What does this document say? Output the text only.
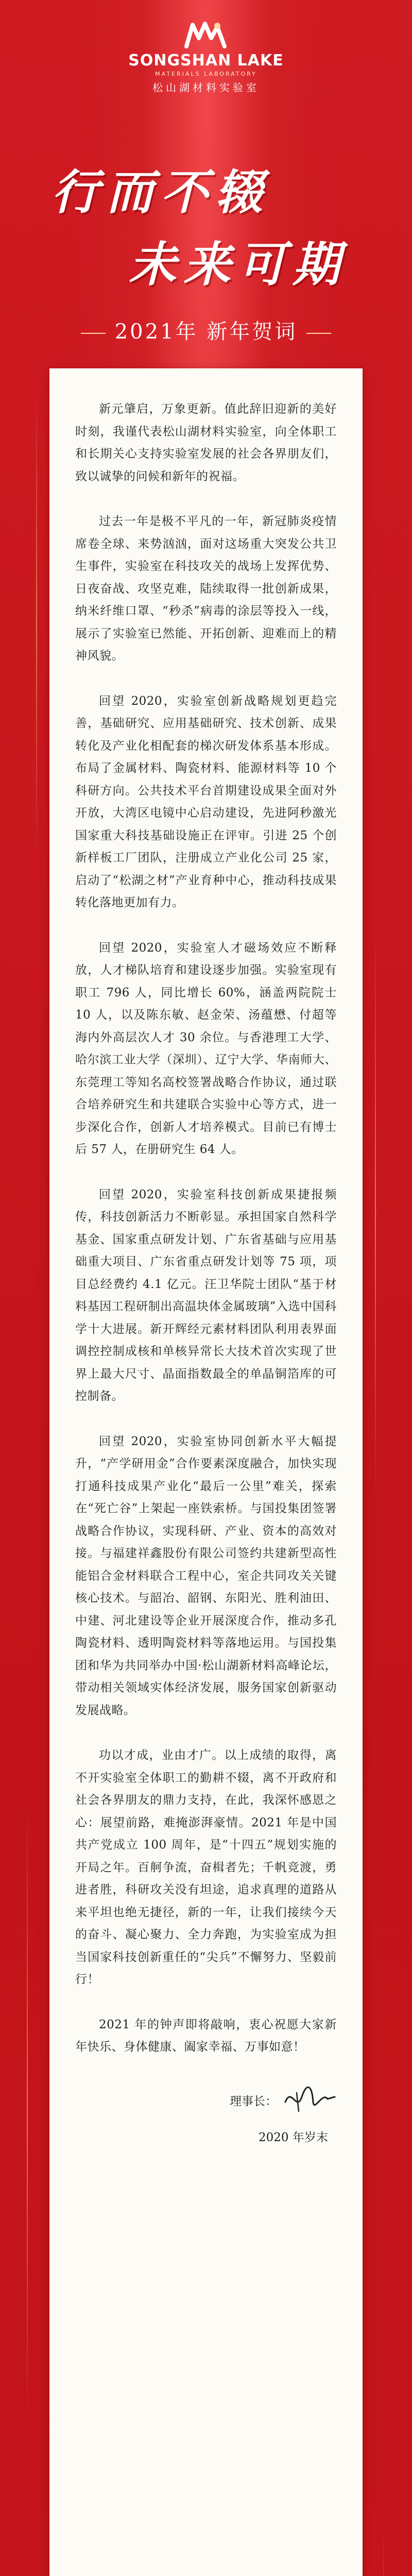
SONGSHAN LAKE
MATERIALS LABORATORY
松山湖材料实验室
行而不辍
未来可期
2021年 新年贺词

新元肇启，万象更新。值此辞旧迎新的美好时刻，我谨代表松山湖材料实验室，向全体职工和长期关心支持实验室发展的社会各界朋友们，致以诚挚的问候和新年的祝福。

过去一年是极不平凡的一年，新冠肺炎疫情席卷全球、来势汹汹，面对这场重大突发公共卫生事件，实验室在科技攻关的战场上发挥优势、日夜奋战、攻坚克难，陆续取得一批创新成果，纳米纤维口罩、“秒杀”病毒的涂层等投入一线，展示了实验室已然能、开拓创新、迎难而上的精神风貌。

回望 2020，实验室创新战略规划更趋完善，基础研究、应用基础研究、技术创新、成果转化及产业化相配套的梯次研发体系基本形成。布局了金属材料、陶瓷材料、能源材料等 10 个科研方向。公共技术平台首期建设成果全面对外开放，大湾区电镜中心启动建设，先进阿秒激光国家重大科技基础设施正在评审。引进 25 个创新样板工厂团队，注册成立产业化公司 25 家，启动了“松湖之材”产业育种中心，推动科技成果转化落地更加有力。

回望 2020，实验室人才磁场效应不断释放，人才梯队培育和建设逐步加强。实验室现有职工 796 人，同比增长 60%，涵盖两院院士 10 人，以及陈东敏、赵金荣、汤蕴懋、付超等海内外高层次人才 30 余位。与香港理工大学、哈尔滨工业大学（深圳）、辽宁大学、华南师大、东莞理工等知名高校签署战略合作协议，通过联合培养研究生和共建联合实验中心等方式，进一步深化合作，创新人才培养模式。目前已有博士后 57 人，在册研究生 64 人。

回望 2020，实验室科技创新成果捷报频传，科技创新活力不断彰显。承担国家自然科学基金、国家重点研发计划、广东省基础与应用基础重大项目、广东省重点研发计划等 75 项，项目总经费约 4.1 亿元。汪卫华院士团队“基于材料基因工程研制出高温块体金属玻璃”入选中国科学十大进展。新开辉经元素材料团队利用表界面调控控制成核和单核异常长大技术首次实现了世界上最大尺寸、晶面指数最全的单晶铜箔库的可控制备。

回望 2020，实验室协同创新水平大幅提升，“产学研用金”合作要素深度融合，加快实现打通科技成果产业化“最后一公里”难关，探索在“死亡谷”上架起一座铁索桥。与国投集团签署战略合作协议，实现科研、产业、资本的高效对接。与福建祥鑫股份有限公司签约共建新型高性能铝合金材料联合工程中心，室企共同攻关关键核心技术。与韶冶、韶钢、东阳光、胜利油田、中建、河北建设等企业开展深度合作，推动多孔陶瓷材料、透明陶瓷材料等落地运用。与国投集团和华为共同举办中国·松山湖新材料高峰论坛，带动相关领域实体经济发展，服务国家创新驱动发展战略。

功以才成，业由才广。以上成绩的取得，离不开实验室全体职工的勤耕不辍，离不开政府和社会各界朋友的鼎力支持，在此，我深怀感恩之心：展望前路，难掩澎湃豪情。2021 年是中国共产党成立 100 周年，是“十四五”规划实施的开局之年。百舸争流，奋楫者先；千帆竞渡，勇进者胜，科研攻关没有坦途，追求真理的道路从来平坦也绝无捷径，新的一年，让我们接续今天的奋斗、凝心聚力、全力奔跑，为实验室成为担当国家科技创新重任的“尖兵”不懈努力、坚毅前行！

2021 年的钟声即将敲响，衷心祝愿大家新年快乐、身体健康、阖家幸福、万事如意！

理事长：
2020 年岁末
